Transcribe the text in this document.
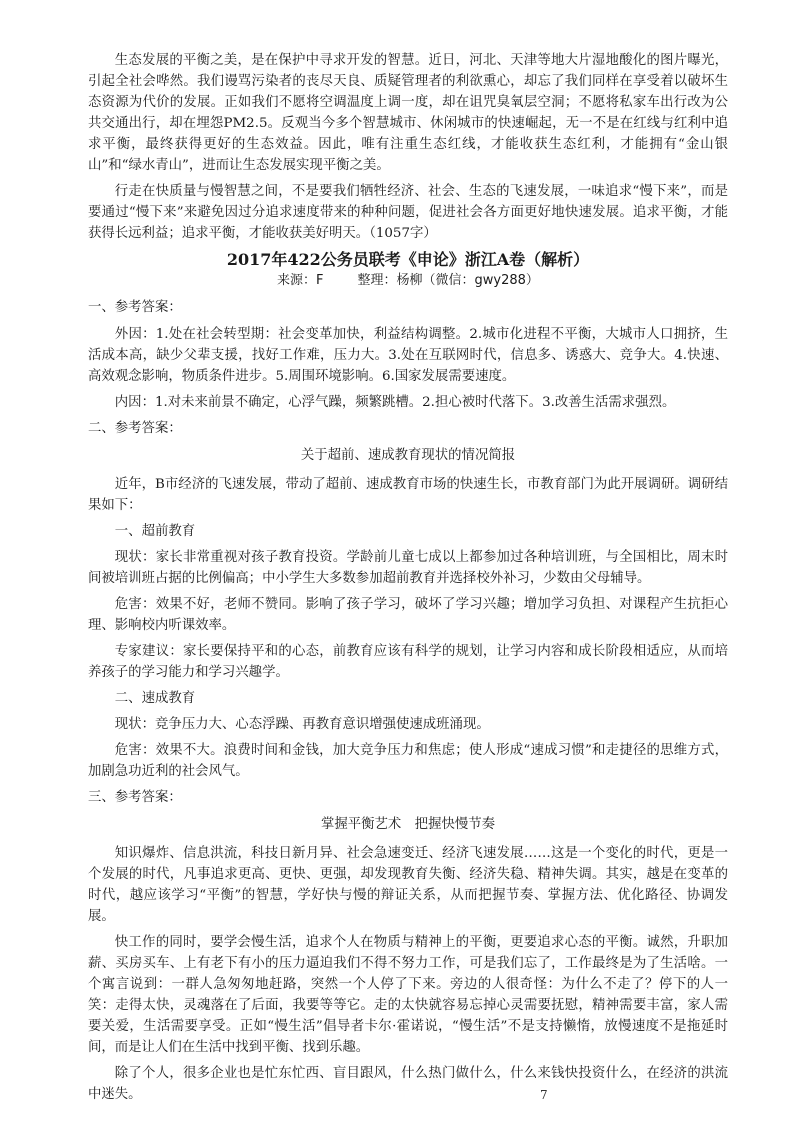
生态发展的平衡之美，是在保护中寻求开发的智慧。近日，河北、天津等地大片湿地酸化的图片曝光，引起全社会哗然。我们谩骂污染者的丧尽天良、质疑管理者的利欲熏心，却忘了我们同样在享受着以破坏生态资源为代价的发展。正如我们不愿将空调温度上调一度，却在诅咒臭氧层空洞；不愿将私家车出行改为公共交通出行，却在埋怨PM2.5。反观当今多个智慧城市、休闲城市的快速崛起，无一不是在红线与红利中追求平衡，最终获得更好的生态效益。因此，唯有注重生态红线，才能收获生态红利，才能拥有“金山银山”和“绿水青山”，进而让生态发展实现平衡之美。

行走在快质量与慢智慧之间，不是要我们牺牲经济、社会、生态的飞速发展，一味追求“慢下来”，而是要通过“慢下来”来避免因过分追求速度带来的种种问题，促进社会各方面更好地快速发展。追求平衡，才能获得长远利益；追求平衡，才能收获美好明天。（1057字）

2017年422公务员联考《申论》浙江A卷（解析）
来源：F	整理：杨柳（微信：gwy288）

一、参考答案：

外因：1.处在社会转型期：社会变革加快，利益结构调整。2.城市化进程不平衡，大城市人口拥挤，生活成本高，缺少父辈支援，找好工作难，压力大。3.处在互联网时代，信息多、诱惑大、竞争大。4.快速、高效观念影响，物质条件进步。5.周围环境影响。6.国家发展需要速度。

内因：1.对未来前景不确定，心浮气躁，频繁跳槽。2.担心被时代落下。3.改善生活需求强烈。

二、参考答案：

关于超前、速成教育现状的情况简报

近年，B市经济的飞速发展，带动了超前、速成教育市场的快速生长，市教育部门为此开展调研。调研结果如下：

一、超前教育

现状：家长非常重视对孩子教育投资。学龄前儿童七成以上都参加过各种培训班，与全国相比，周末时间被培训班占据的比例偏高；中小学生大多数参加超前教育并选择校外补习，少数由父母辅导。

危害：效果不好，老师不赞同。影响了孩子学习，破坏了学习兴趣；增加学习负担、对课程产生抗拒心理、影响校内听课效率。

专家建议：家长要保持平和的心态，前教育应该有科学的规划，让学习内容和成长阶段相适应，从而培养孩子的学习能力和学习兴趣学。

二、速成教育

现状：竞争压力大、心态浮躁、再教育意识增强使速成班涌现。

危害：效果不大。浪费时间和金钱，加大竞争压力和焦虑；使人形成“速成习惯”和走捷径的思维方式，加剧急功近利的社会风气。

三、参考答案：

掌握平衡艺术　把握快慢节奏

知识爆炸、信息洪流，科技日新月异、社会急速变迁、经济飞速发展……这是一个变化的时代，更是一个发展的时代，凡事追求更高、更快、更强，却发现教育失衡、经济失稳、精神失调。其实，越是在变革的时代，越应该学习“平衡”的智慧，学好快与慢的辩证关系，从而把握节奏、掌握方法、优化路径、协调发展。

快工作的同时，要学会慢生活，追求个人在物质与精神上的平衡，更要追求心态的平衡。诚然，升职加薪、买房买车、上有老下有小的压力逼迫我们不得不努力工作，可是我们忘了，工作最终是为了生活啥。一个寓言说到：一群人急匆匆地赶路，突然一个人停了下来。旁边的人很奇怪：为什么不走了？停下的人一笑：走得太快，灵魂落在了后面，我要等等它。走的太快就容易忘掉心灵需要抚慰，精神需要丰富，家人需要关爱，生活需要享受。正如“慢生活”倡导者卡尔·霍诺说，“慢生活”不是支持懒惰，放慢速度不是拖延时间，而是让人们在生活中找到平衡、找到乐趣。

除了个人，很多企业也是忙东忙西、盲目跟风，什么热门做什么，什么来钱快投资什么，在经济的洪流中迷失。	7
